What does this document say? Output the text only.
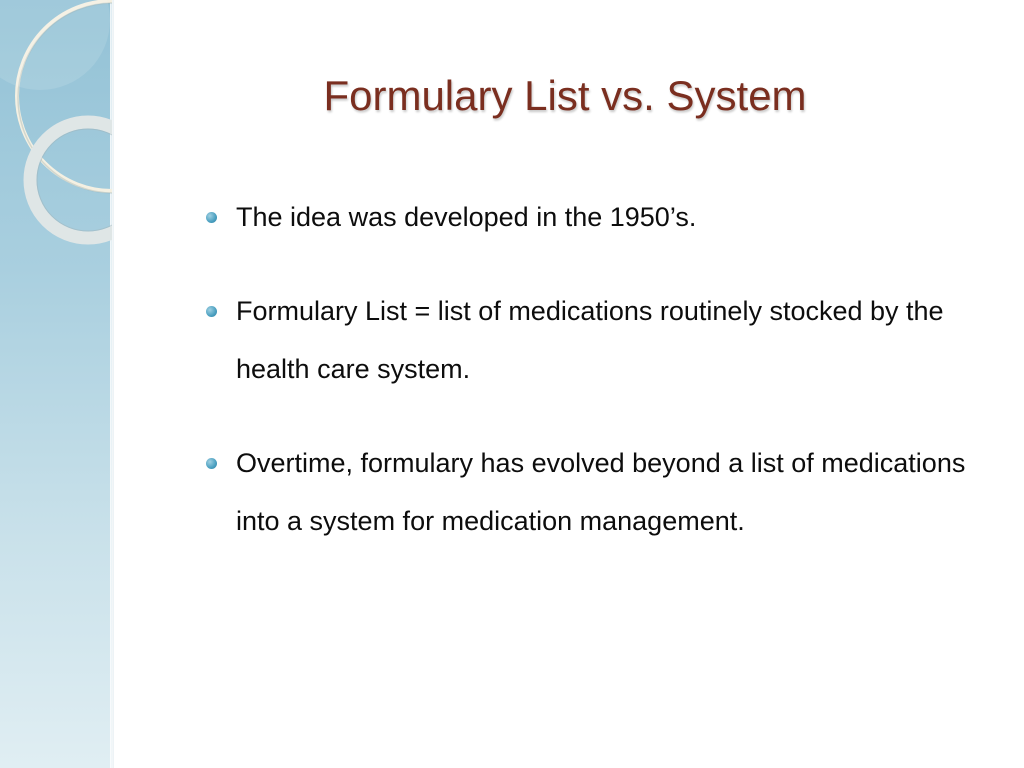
Formulary List vs. System
The idea was developed in the 1950’s.
Formulary List = list of medications routinely stocked by the health care system.
Overtime, formulary has evolved beyond a list of medications into a system for medication management.
